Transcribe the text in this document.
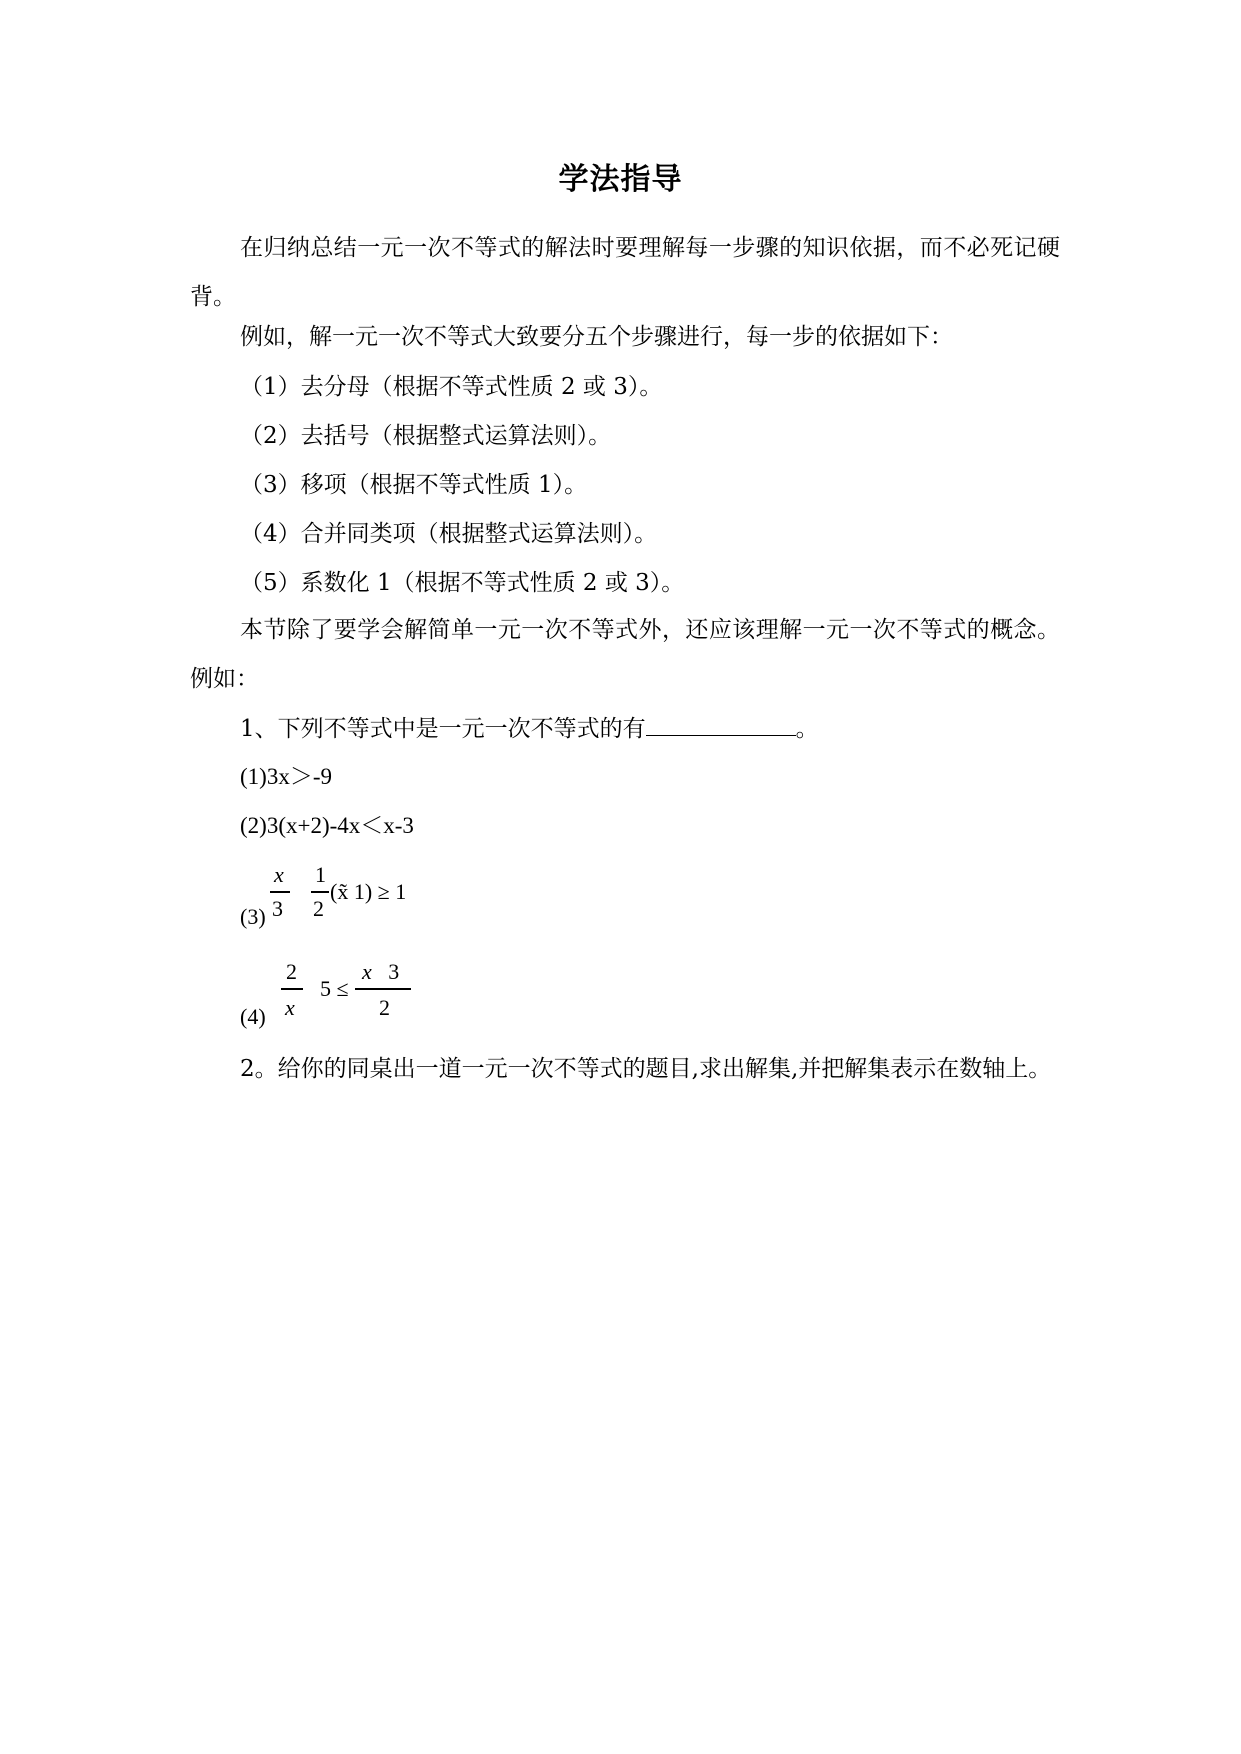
学法指导
在归纳总结一元一次不等式的解法时要理解每一步骤的知识依据，而不必死记硬背。
例如，解一元一次不等式大致要分五个步骤进行，每一步的依据如下：
（1）去分母（根据不等式性质 2 或 3）。
（2）去括号（根据整式运算法则）。
（3）移项（根据不等式性质 1）。
（4）合并同类项（根据整式运算法则）。
（5）系数化 1（根据不等式性质 2 或 3）。
本节除了要学会解简单一元一次不等式外，还应该理解一元一次不等式的概念。 例如：
1、下列不等式中是一元一次不等式的有	。
(1)3x＞-9
(2)3(x+2)-4x＜x-3
(3)
x
3
1
2
(x̃ 1) ≥ 1
(4)
2
x
5 ≤
x   3
2
2。给你的同桌出一道一元一次不等式的题目,求出解集,并把解集表示在数轴上。
